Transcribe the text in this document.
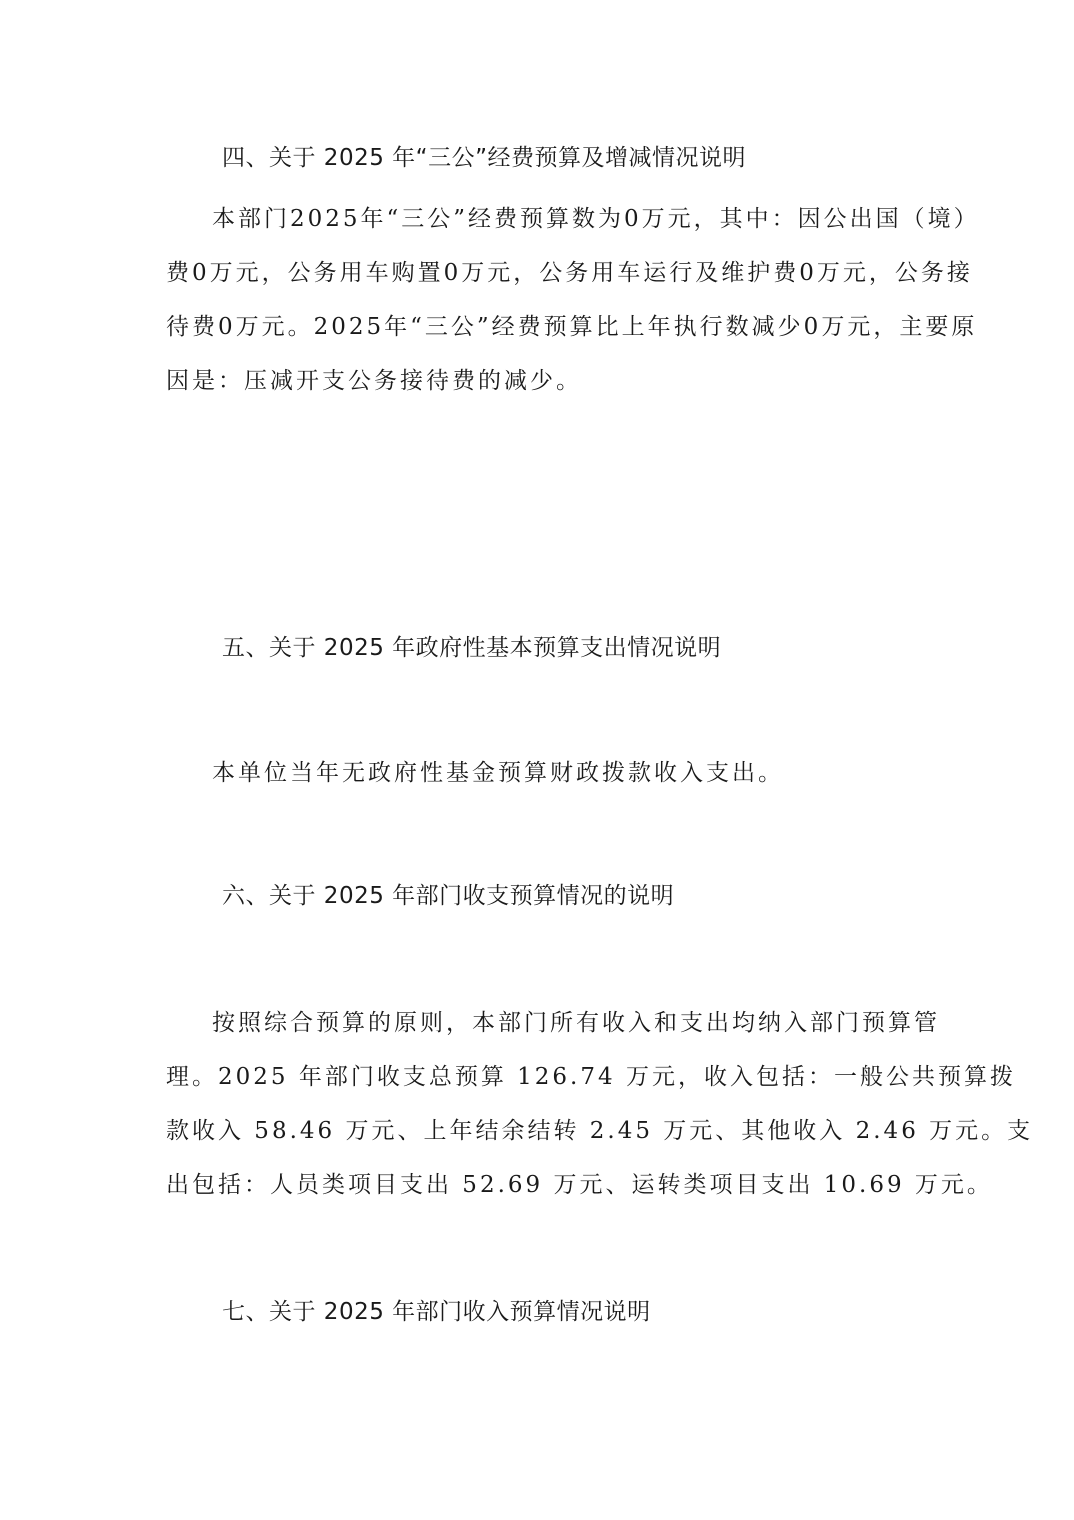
四、关于 2025 年“三公”经费预算及增减情况说明
本部门2025年“三公”经费预算数为0万元，其中：因公出国（境）
费0万元，公务用车购置0万元，公务用车运行及维护费0万元，公务接
待费0万元。2025年“三公”经费预算比上年执行数减少0万元，主要原
因是：压减开支公务接待费的减少。
五、关于 2025 年政府性基本预算支出情况说明
本单位当年无政府性基金预算财政拨款收入支出。
六、关于 2025 年部门收支预算情况的说明
按照综合预算的原则，本部门所有收入和支出均纳入部门预算管
理。2025 年部门收支总预算 126.74 万元，收入包括：一般公共预算拨
款收入 58.46 万元、上年结余结转 2.45 万元、其他收入 2.46 万元。支
出包括：人员类项目支出 52.69 万元、运转类项目支出 10.69 万元。
七、关于 2025 年部门收入预算情况说明
